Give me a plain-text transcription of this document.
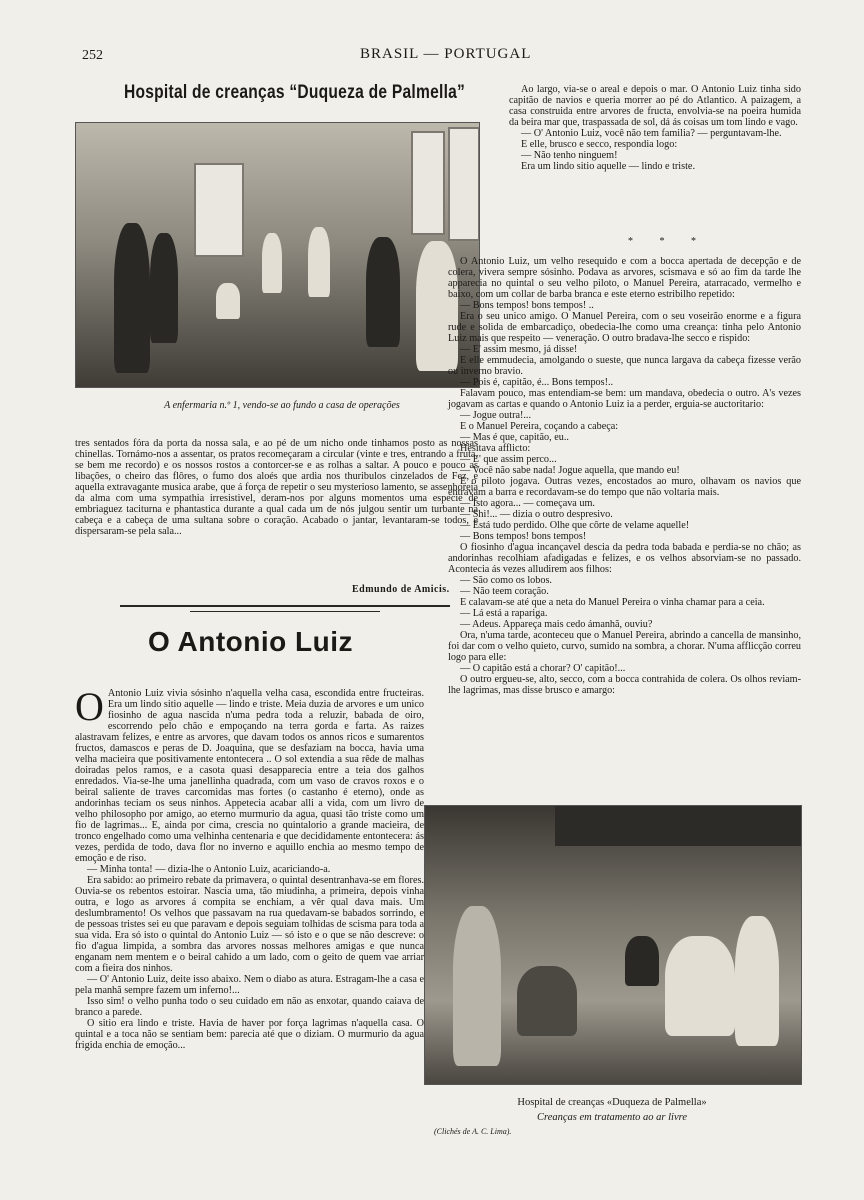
252	BRASIL — PORTUGAL
Hospital de creanças “Duqueza de Palmella”
A enfermaria n.º 1, vendo-se ao fundo a casa de operações

tres sentados fóra da porta da nossa sala, e ao pé de um nicho onde tinhamos posto as nossas chinellas. Tornámo-nos a assentar, os pratos recomeçaram a circular (vinte e tres, entrando a fruta, se bem me recordo) e os nossos rostos a contorcer-se e as rolhas a saltar. A pouco e pouco as libações, o cheiro das flôres, o fumo dos aloés que ardia nos thuribulos cinzelados de Fez, e aquella extravagante musica arabe, que á força de repetir o seu mysterioso lamento, se assenhoreia da alma com uma sympathia irresistivel, deram-nos por alguns momentos uma especie de embriaguez taciturna e phantastica durante a qual cada um de nós julgou sentir um turbante na cabeça e a cabeça de uma sultana sobre o coração. Acabado o jantar, levantaram-se todos, e dispersaram-se pela sala...

Edmundo de Amicis.
O Antonio Luiz

O Antonio Luiz vivia sósinho n'aquella velha casa, escondida entre fructeiras. Era um lindo sitio aquelle — lindo e triste. Meia duzia de arvores e um unico fiosinho de agua nascida n'uma pedra toda a reluzir, babada de oiro, escorrendo pelo chão e empoçando na terra gorda e farta. As raizes alastravam felizes, e entre as arvores, que davam todos os annos ricos e sumarentos fructos, damascos e peras de D. Joaquina, que se desfaziam na bocca, havia uma velha macieira que positivamente entontecera .. O sol extendia a sua rêde de malhas doiradas pelos ramos, e a casota quasi desapparecia entre a teia dos galhos enredados. Via-se-lhe uma janellinha quadrada, com um vaso de cravos roxos e o beiral saliente de traves carcomidas mas fortes (o castanho é eterno), onde as andorinhas teciam os seus ninhos. Appetecia acabar alli a vida, com um livro de velho philosopho por amigo, ao eterno murmurio da agua, quasi tão triste como um fio de lagrimas... E, ainda por cima, crescia no quintalorio a grande macieira, de tronco engelhado como uma velhinha centenaria e que decididamente entontecera: ás vezes, perdida de todo, dava flor no inverno e aquillo enchia ao mesmo tempo de emoção e de riso.

— Minha tonta! — dizia-lhe o Antonio Luiz, acariciando-a.

Era sabido: ao primeiro rebate da primavera, o quintal desentranhava-se em flores. Ouvia-se os rebentos estoirar. Nascia uma, tão miudinha, a primeira, depois vinha outra, e logo as arvores á compita se enchiam, a vêr qual dava mais. Um deslumbramento! Os velhos que passavam na rua quedavam-se babados sorrindo, e de pessoas tristes sei eu que paravam e depois seguiam tolhidas de scisma para toda a sua vida. Era só isto o quintal do Antonio Luiz — só isto e o que se não descreve: o fio d'agua limpida, a sombra das arvores nossas melhores amigas e que nunca enganam nem mentem e o beiral cahido a um lado, com o geito de quem vae arriar com a fieira dos ninhos.

— O' Antonio Luiz, deite isso abaixo. Nem o diabo as atura. Estragam-lhe a casa e pela manhã sempre fazem um inferno!...

Isso sim! o velho punha todo o seu cuidado em não as enxotar, quando caiava de branco a parede.

O sitio era lindo e triste. Havia de haver por força lagrimas n'aquella casa. O quintal e a toca não se sentiam bem: parecia até que o diziam. O murmurio da agua frigida enchia de emoção...

Ao largo, via-se o areal e depois o mar. O Antonio Luiz tinha sido capitão de navios e queria morrer ao pé do Atlantico. A paizagem, a casa construida entre arvores de fructa, envolvia-se na poeira humida da beira mar que, traspassada de sol, dá ás coisas um tom lindo e vago.

— O' Antonio Luiz, você não tem familia? — perguntavam-lhe.

E elle, brusco e secco, respondia logo:

— Não tenho ninguem!

Era um lindo sitio aquelle — lindo e triste.

* * *

O Antonio Luiz, um velho resequido e com a bocca apertada de decepção e de colera, vivera sempre sósinho. Podava as arvores, scismava e só ao fim da tarde lhe apparecia no quintal o seu velho piloto, o Manuel Pereira, atarracado, vermelho e baixo, com um collar de barba branca e este eterno estribilho repetido:

— Bons tempos! bons tempos! ..

Era o seu unico amigo. O Manuel Pereira, com o seu voseirão enorme e a figura rude e solida de embarcadiço, obedecia-lhe como uma creança: tinha pelo Antonio Luiz mais que respeito — veneração. O outro bradava-lhe secco e rispido:

— E' assim mesmo, já disse!

E elle emmudecia, amolgando o sueste, que nunca largava da cabeça fizesse verão ou inverno bravio.

— Pois é, capitão, é... Bons tempos!..

Falavam pouco, mas entendiam-se bem: um mandava, obedecia o outro. A's vezes jogavam as cartas e quando o Antonio Luiz ia a perder, erguia-se auctoritario:

— Jogue outra!...

E o Manuel Pereira, coçando a cabeça:

— Mas é que, capitão, eu..

Hesitava afflicto:

— E' que assim perco...

— Você não sabe nada! Jogue aquella, que mando eu!

E o piloto jogava. Outras vezes, encostados ao muro, olhavam os navios que entravam a barra e recordavam-se do tempo que não voltaria mais.

— Isto agora... — começava um.

— Shi!... — dizia o outro despresivo.

— Está tudo perdido. Olhe que côrte de velame aquelle!

— Bons tempos! bons tempos!

O fiosinho d'agua incançavel descia da pedra toda babada e perdia-se no chão; as andorinhas recolhiam afadigadas e felizes, e os velhos absorviam-se no passado. Acontecia ás vezes alludirem aos filhos:

— São como os lobos.

— Não teem coração.

E calavam-se até que a neta do Manuel Pereira o vinha chamar para a ceia.

— Lá está a rapariga.

— Adeus. Appareça mais cedo ámanhã, ouviu?

Ora, n'uma tarde, aconteceu que o Manuel Pereira, abrindo a cancella de mansinho, foi dar com o velho quieto, curvo, sumido na sombra, a chorar. N'uma afflicção correu logo para elle:

— O capitão está a chorar? O' capitão!...

O outro ergueu-se, alto, secco, com a bocca contrahida de colera. Os olhos reviam-lhe lagrimas, mas disse brusco e amargo:

Hospital de creanças «Duqueza de Palmella»
Creanças em tratamento ao ar livre
(Clichés de A. C. Lima).
